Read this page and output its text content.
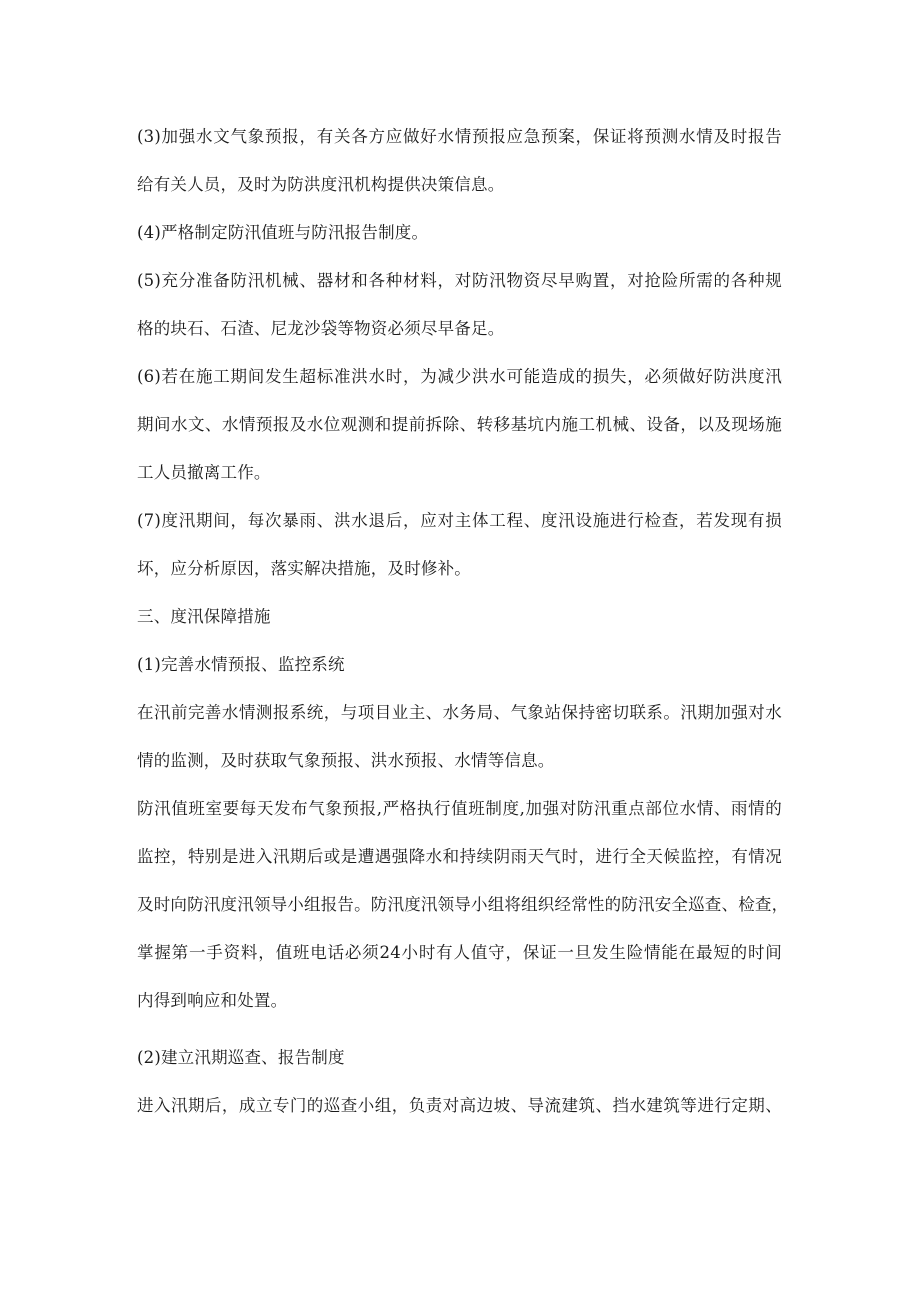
(3)加强水文气象预报，有关各方应做好水情预报应急预案，保证将预测水情及时报告

给有关人员，及时为防洪度汛机构提供决策信息。

(4)严格制定防汛值班与防汛报告制度。

(5)充分准备防汛机械、器材和各种材料，对防汛物资尽早购置，对抢险所需的各种规

格的块石、石渣、尼龙沙袋等物资必须尽早备足。

(6)若在施工期间发生超标准洪水时，为减少洪水可能造成的损失，必须做好防洪度汛

期间水文、水情预报及水位观测和提前拆除、转移基坑内施工机械、设备，以及现场施

工人员撤离工作。

(7)度汛期间，每次暴雨、洪水退后，应对主体工程、度汛设施进行检查，若发现有损

坏，应分析原因，落实解决措施，及时修补。

三、度汛保障措施

(1)完善水情预报、监控系统

在汛前完善水情测报系统，与项目业主、水务局、气象站保持密切联系。汛期加强对水

情的监测，及时获取气象预报、洪水预报、水情等信息。

防汛值班室要每天发布气象预报,严格执行值班制度,加强对防汛重点部位水情、雨情的

监控，特别是进入汛期后或是遭遇强降水和持续阴雨天气时，进行全天候监控，有情况

及时向防汛度汛领导小组报告。防汛度汛领导小组将组织经常性的防汛安全巡查、检查，

掌握第一手资料，值班电话必须24小时有人值守，保证一旦发生险情能在最短的时间

内得到响应和处置。

(2)建立汛期巡查、报告制度

进入汛期后，成立专门的巡查小组，负责对高边坡、导流建筑、挡水建筑等进行定期、
